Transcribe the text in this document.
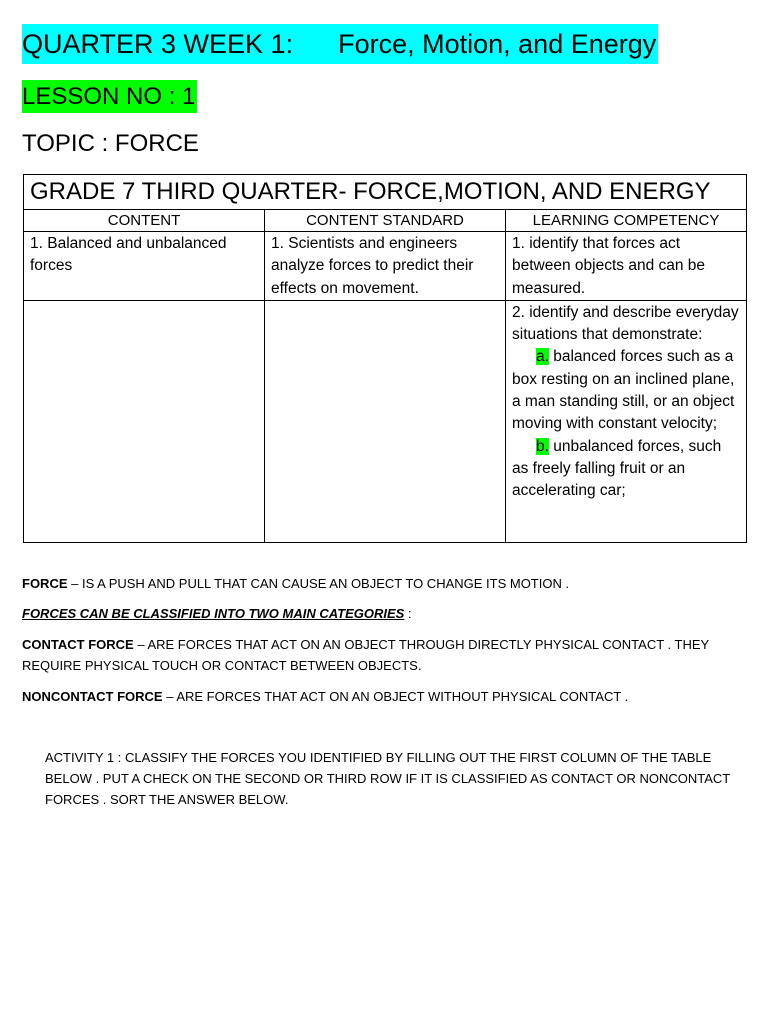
QUARTER 3 WEEK 1: Force, Motion, and Energy
LESSON NO : 1
TOPIC : FORCE
GRADE 7 THIRD QUARTER- FORCE,MOTION, AND ENERGY		
CONTENT	CONTENT STANDARD	LEARNING COMPETENCY
1. Balanced and unbalanced forces	1. Scientists and engineers analyze forces to predict their effects on movement.	1. identify that forces act between objects and can be measured.
		2. identify and describe everyday situations that demonstrate:
a. balanced forces such as a box resting on an inclined plane, a man standing still, or an object moving with constant velocity;
b. unbalanced forces, such as freely falling fruit or an accelerating car;
FORCE – IS A PUSH AND PULL THAT CAN CAUSE AN OBJECT TO CHANGE ITS MOTION .
FORCES CAN BE CLASSIFIED INTO TWO MAIN CATEGORIES :
CONTACT FORCE – ARE FORCES THAT ACT ON AN OBJECT THROUGH DIRECTLY PHYSICAL CONTACT . THEY REQUIRE PHYSICAL TOUCH OR CONTACT BETWEEN OBJECTS.
NONCONTACT FORCE – ARE FORCES THAT ACT ON AN OBJECT WITHOUT PHYSICAL CONTACT .
ACTIVITY 1 : CLASSIFY THE FORCES YOU IDENTIFIED BY FILLING OUT THE FIRST COLUMN OF THE TABLE BELOW . PUT A CHECK ON THE SECOND OR THIRD ROW IF IT IS CLASSIFIED AS CONTACT OR NONCONTACT FORCES . SORT THE ANSWER BELOW.
